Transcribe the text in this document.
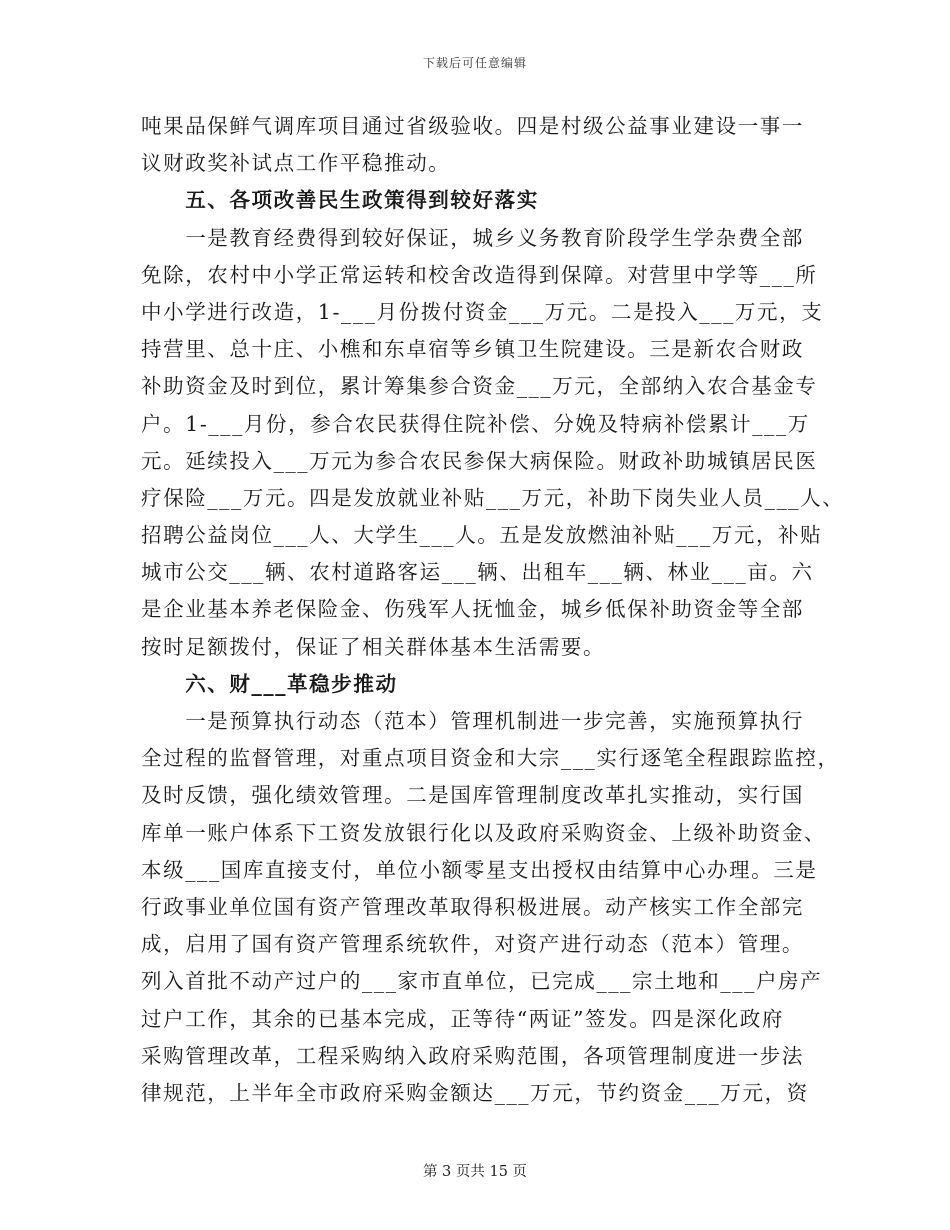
下载后可任意编辑
吨果品保鲜气调库项目通过省级验收。四是村级公益事业建设一事一
议财政奖补试点工作平稳推动。
　　五、各项改善民生政策得到较好落实
　　一是教育经费得到较好保证，城乡义务教育阶段学生学杂费全部
免除，农村中小学正常运转和校舍改造得到保障。对营里中学等___所
中小学进行改造，1-___月份拨付资金___万元。二是投入___万元，支
持营里、总十庄、小樵和东卓宿等乡镇卫生院建设。三是新农合财政
补助资金及时到位，累计筹集参合资金___万元，全部纳入农合基金专
户。1-___月份，参合农民获得住院补偿、分娩及特病补偿累计___万
元。延续投入___万元为参合农民参保大病保险。财政补助城镇居民医
疗保险___万元。四是发放就业补贴___万元，补助下岗失业人员___人、
招聘公益岗位___人、大学生___人。五是发放燃油补贴___万元，补贴
城市公交___辆、农村道路客运___辆、出租车___辆、林业___亩。六
是企业基本养老保险金、伤残军人抚恤金，城乡低保补助资金等全部
按时足额拨付，保证了相关群体基本生活需要。
　　六、财___革稳步推动
　　一是预算执行动态（范本）管理机制进一步完善，实施预算执行
全过程的监督管理，对重点项目资金和大宗___实行逐笔全程跟踪监控，
及时反馈，强化绩效管理。二是国库管理制度改革扎实推动，实行国
库单一账户体系下工资发放银行化以及政府采购资金、上级补助资金、
本级___国库直接支付，单位小额零星支出授权由结算中心办理。三是
行政事业单位国有资产管理改革取得积极进展。动产核实工作全部完
成，启用了国有资产管理系统软件，对资产进行动态（范本）管理。
列入首批不动产过户的___家市直单位，已完成___宗土地和___户房产
过户工作，其余的已基本完成，正等待“两证”签发。四是深化政府
采购管理改革，工程采购纳入政府采购范围，各项管理制度进一步法
律规范，上半年全市政府采购金额达___万元，节约资金___万元，资
第 3 页共 15 页
